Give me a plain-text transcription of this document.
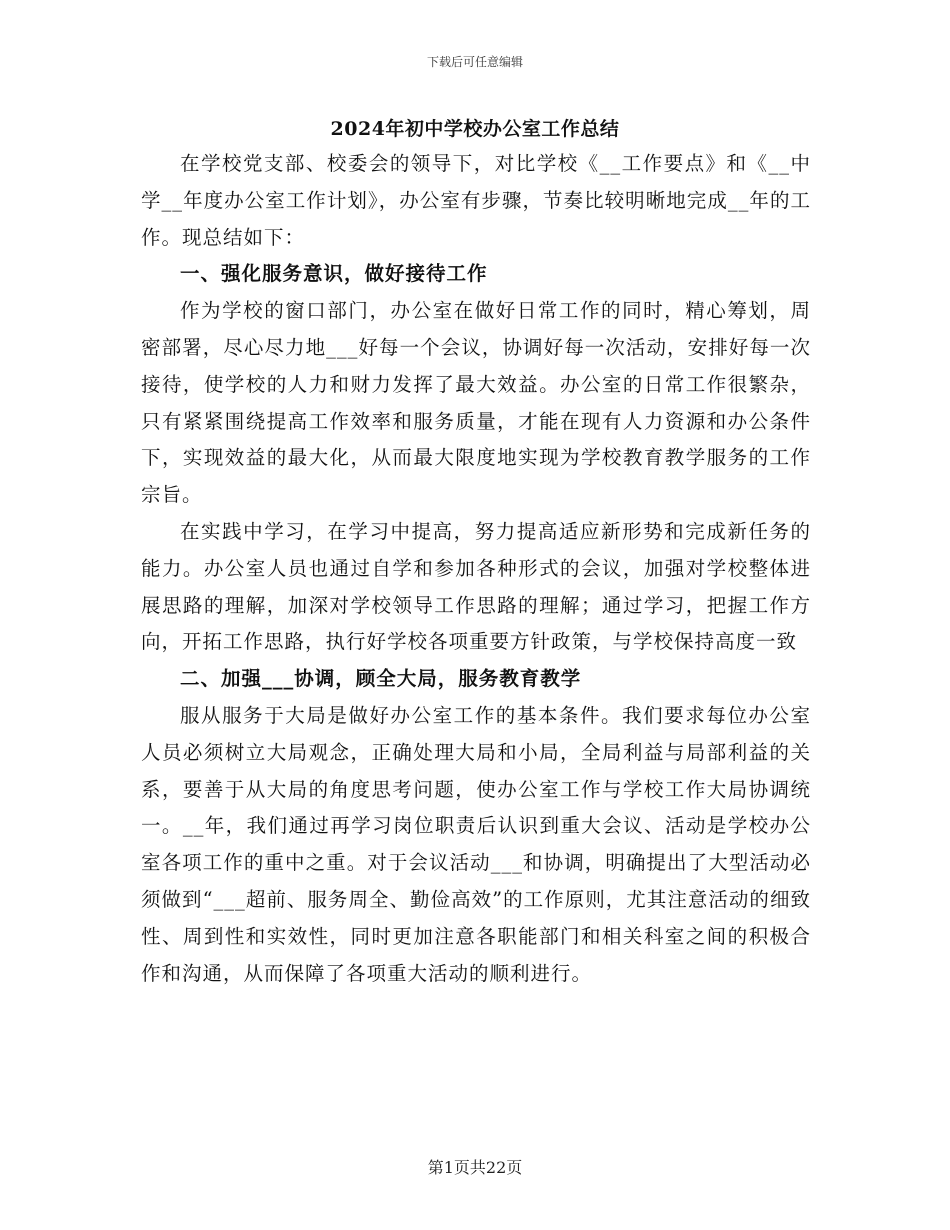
下载后可任意编辑
2024年初中学校办公室工作总结

在学校党支部、校委会的领导下，对比学校《__工作要点》和《__中学__年度办公室工作计划》，办公室有步骤，节奏比较明晰地完成__年的工作。现总结如下：

一、强化服务意识，做好接待工作

作为学校的窗口部门，办公室在做好日常工作的同时，精心筹划，周密部署，尽心尽力地___好每一个会议，协调好每一次活动，安排好每一次接待，使学校的人力和财力发挥了最大效益。办公室的日常工作很繁杂，只有紧紧围绕提高工作效率和服务质量，才能在现有人力资源和办公条件下，实现效益的最大化，从而最大限度地实现为学校教育教学服务的工作宗旨。

在实践中学习，在学习中提高，努力提高适应新形势和完成新任务的能力。办公室人员也通过自学和参加各种形式的会议，加强对学校整体进展思路的理解，加深对学校领导工作思路的理解；通过学习，把握工作方向，开拓工作思路，执行好学校各项重要方针政策，与学校保持高度一致

二、加强___协调，顾全大局，服务教育教学

服从服务于大局是做好办公室工作的基本条件。我们要求每位办公室人员必须树立大局观念，正确处理大局和小局，全局利益与局部利益的关系，要善于从大局的角度思考问题，使办公室工作与学校工作大局协调统一。__年，我们通过再学习岗位职责后认识到重大会议、活动是学校办公室各项工作的重中之重。对于会议活动___和协调，明确提出了大型活动必须做到“___超前、服务周全、勤俭高效”的工作原则，尤其注意活动的细致性、周到性和实效性，同时更加注意各职能部门和相关科室之间的积极合作和沟通，从而保障了各项重大活动的顺利进行。

第1页共22页
